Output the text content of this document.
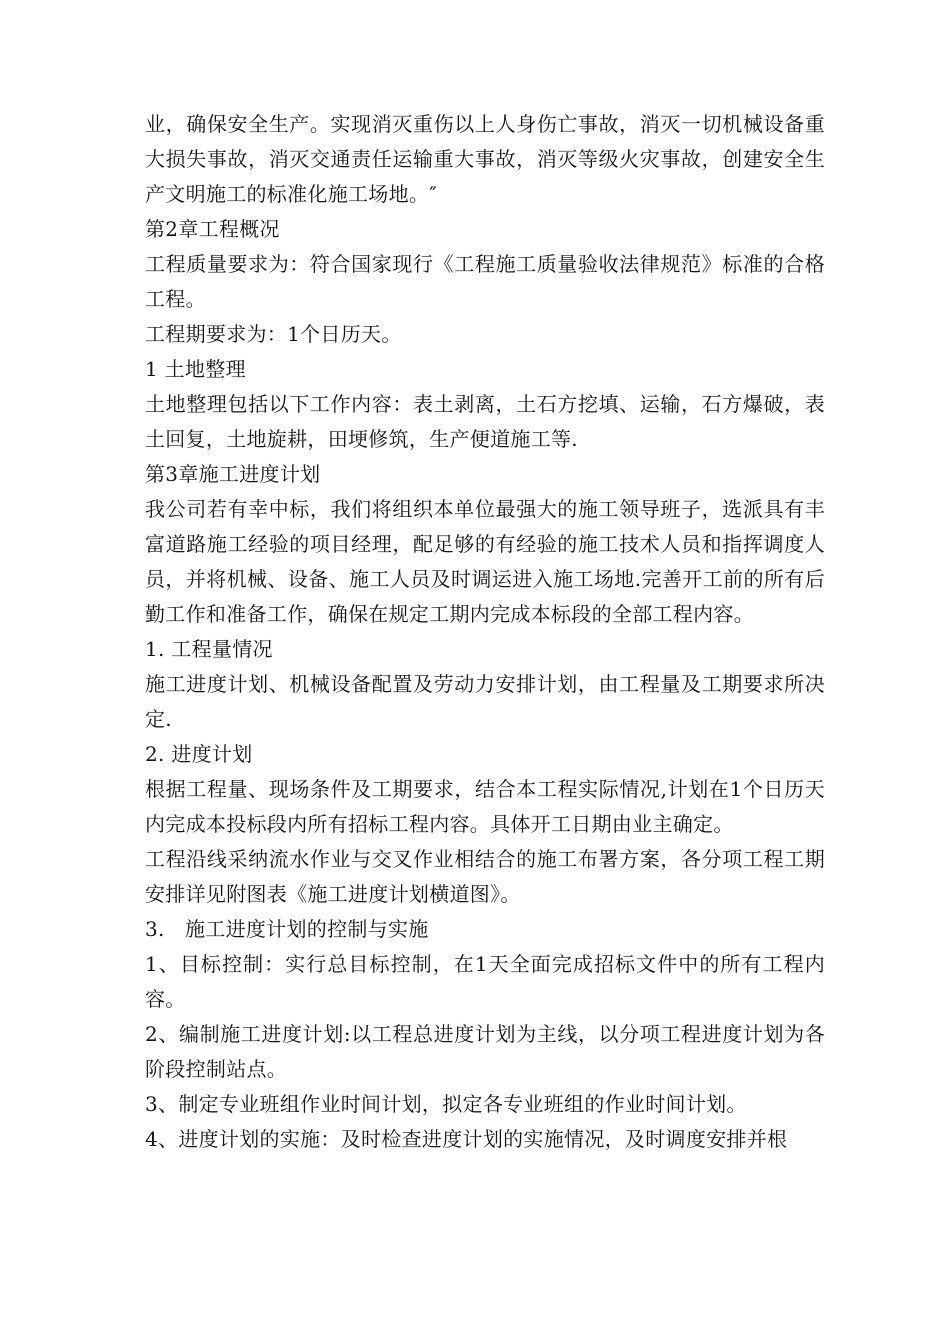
业，确保安全生产。实现消灭重伤以上人身伤亡事故，消灭一切机械设备重大损失事故，消灭交通责任运输重大事故，消灭等级火灾事故，创建安全生产文明施工的标准化施工场地。″

第2章工程概况

工程质量要求为：符合国家现行《工程施工质量验收法律规范》标准的合格工程。

工程期要求为：1个日历天。

1 土地整理

土地整理包括以下工作内容：表土剥离，土石方挖填、运输，石方爆破，表土回复，土地旋耕，田埂修筑，生产便道施工等.

第3章施工进度计划

我公司若有幸中标，我们将组织本单位最强大的施工领导班子，选派具有丰富道路施工经验的项目经理，配足够的有经验的施工技术人员和指挥调度人员，并将机械、设备、施工人员及时调运进入施工场地.完善开工前的所有后勤工作和准备工作，确保在规定工期内完成本标段的全部工程内容。

1. 工程量情况

施工进度计划、机械设备配置及劳动力安排计划，由工程量及工期要求所决定.

2. 进度计划

根据工程量、现场条件及工期要求，结合本工程实际情况,计划在1个日历天内完成本投标段内所有招标工程内容。具体开工日期由业主确定。

工程沿线采纳流水作业与交叉作业相结合的施工布署方案，各分项工程工期安排详见附图表《施工进度计划横道图》。

3.　施工进度计划的控制与实施

1、目标控制：实行总目标控制，在1天全面完成招标文件中的所有工程内容。

2、编制施工进度计划:以工程总进度计划为主线，以分项工程进度计划为各阶段控制站点。

3、制定专业班组作业时间计划，拟定各专业班组的作业时间计划。

4、进度计划的实施：及时检查进度计划的实施情况，及时调度安排并根
